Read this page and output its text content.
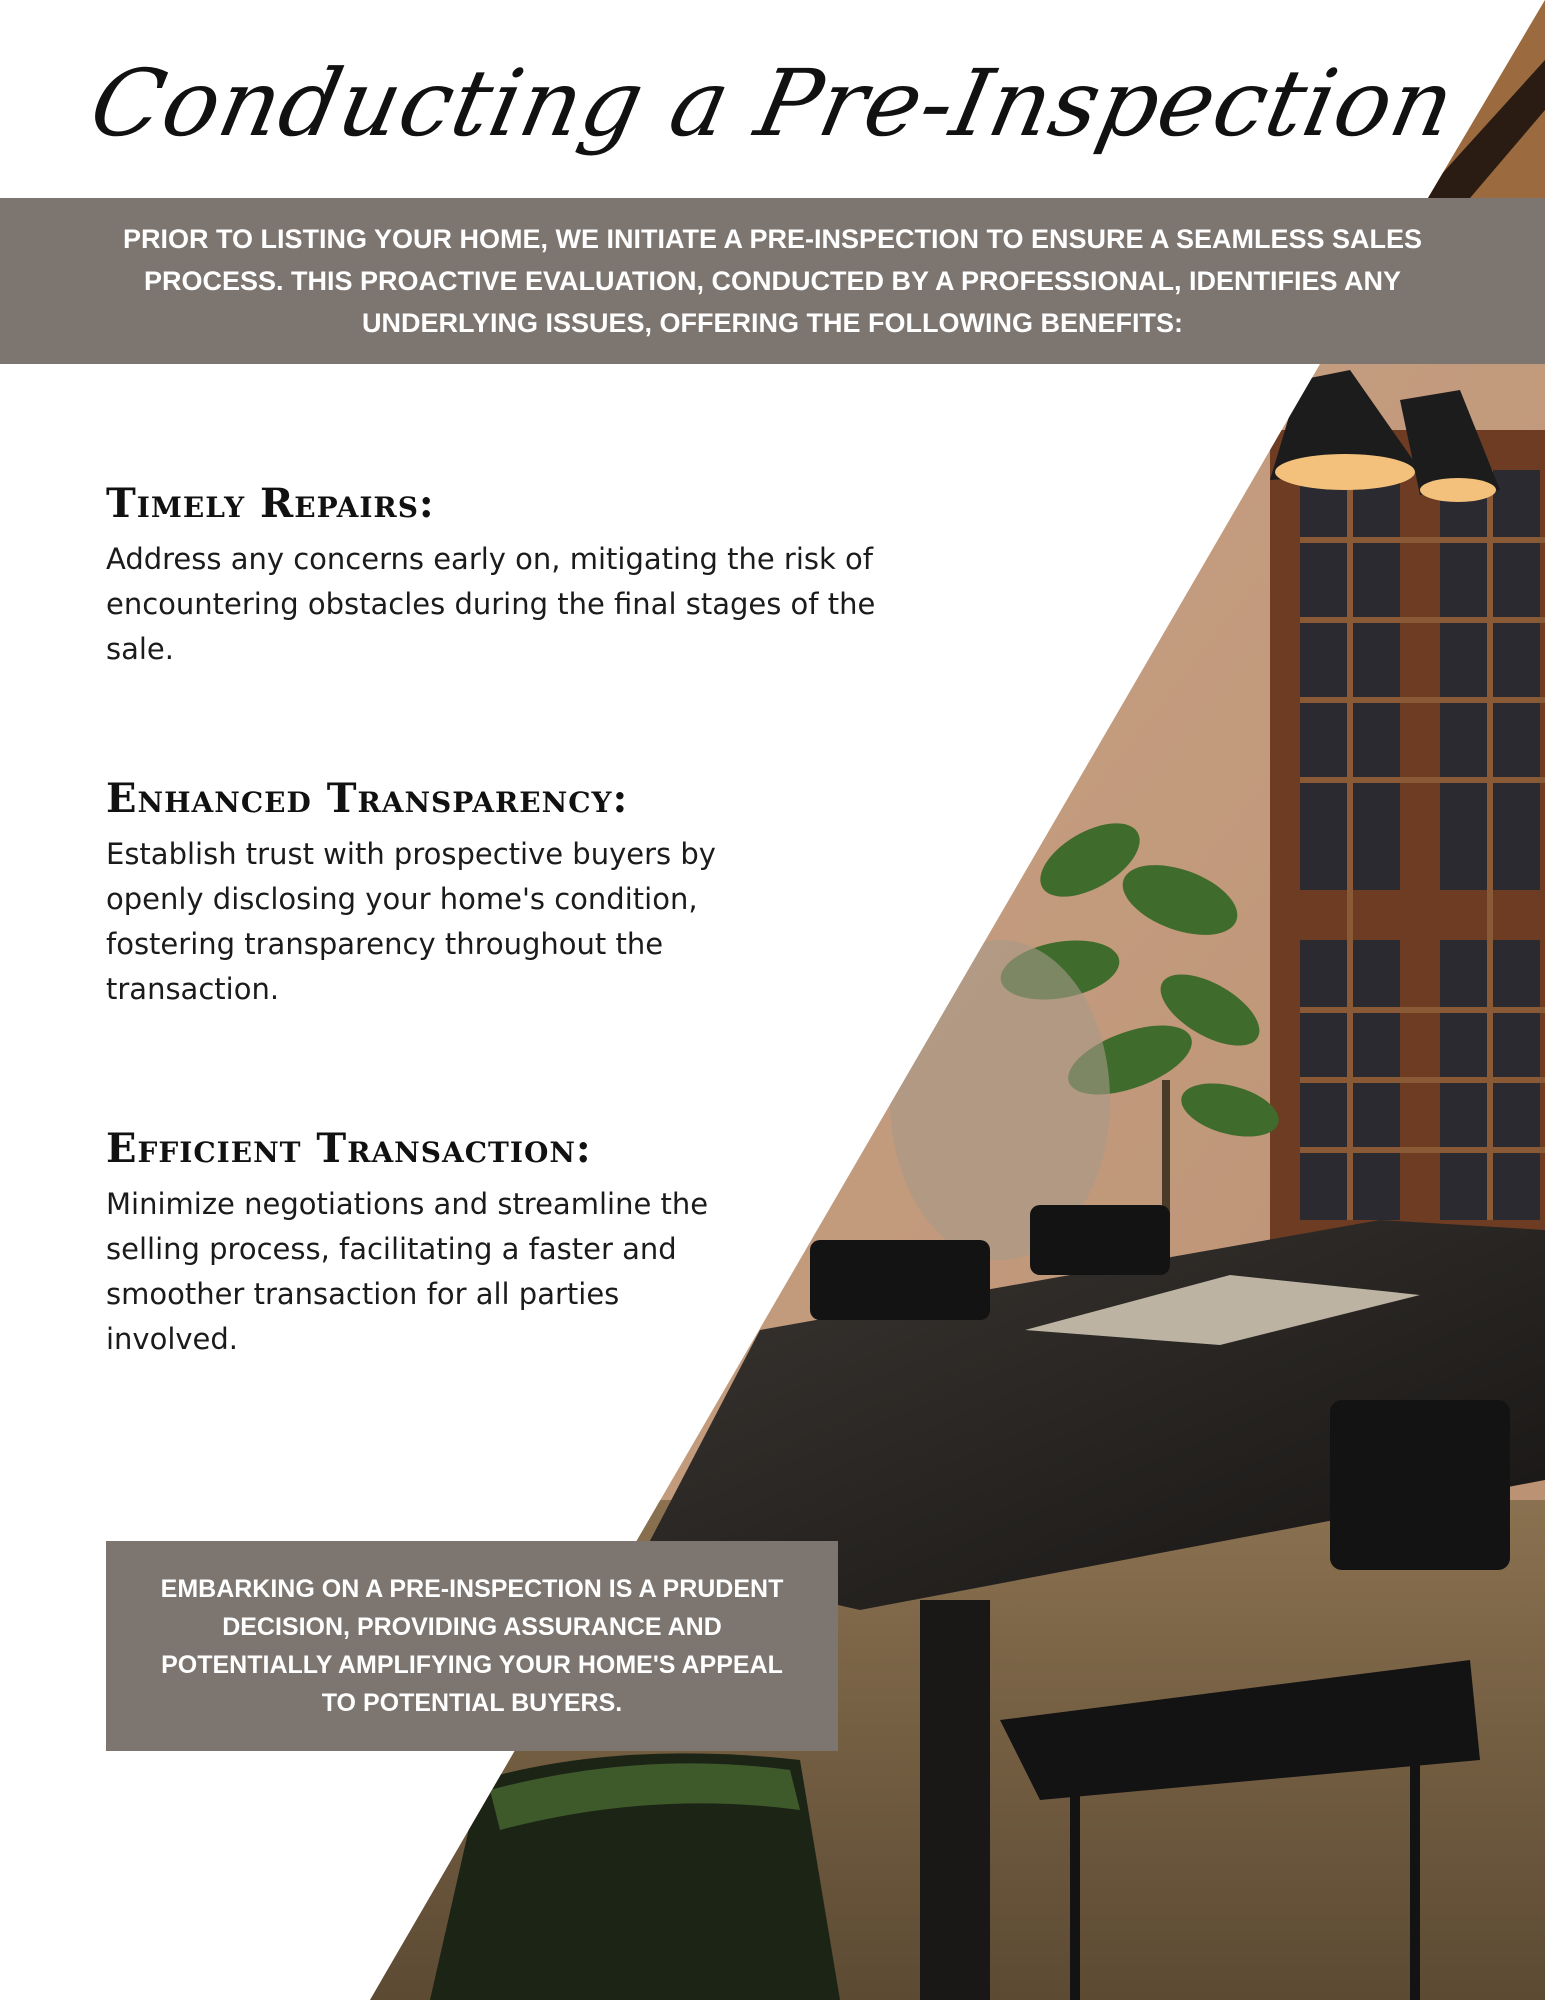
Conducting a Pre-Inspection
PRIOR TO LISTING YOUR HOME, WE INITIATE A PRE-INSPECTION TO ENSURE A SEAMLESS SALES PROCESS. THIS PROACTIVE EVALUATION, CONDUCTED BY A PROFESSIONAL, IDENTIFIES ANY UNDERLYING ISSUES, OFFERING THE FOLLOWING BENEFITS:
Timely Repairs:

Address any concerns early on, mitigating the risk of encountering obstacles during the final stages of the sale.

Enhanced Transparency:

Establish trust with prospective buyers by openly disclosing your home's condition, fostering transparency throughout the transaction.

Efficient Transaction:

Minimize negotiations and streamline the selling process, facilitating a faster and smoother transaction for all parties involved.

EMBARKING ON A PRE-INSPECTION IS A PRUDENT DECISION, PROVIDING ASSURANCE AND POTENTIALLY AMPLIFYING YOUR HOME'S APPEAL TO POTENTIAL BUYERS.
